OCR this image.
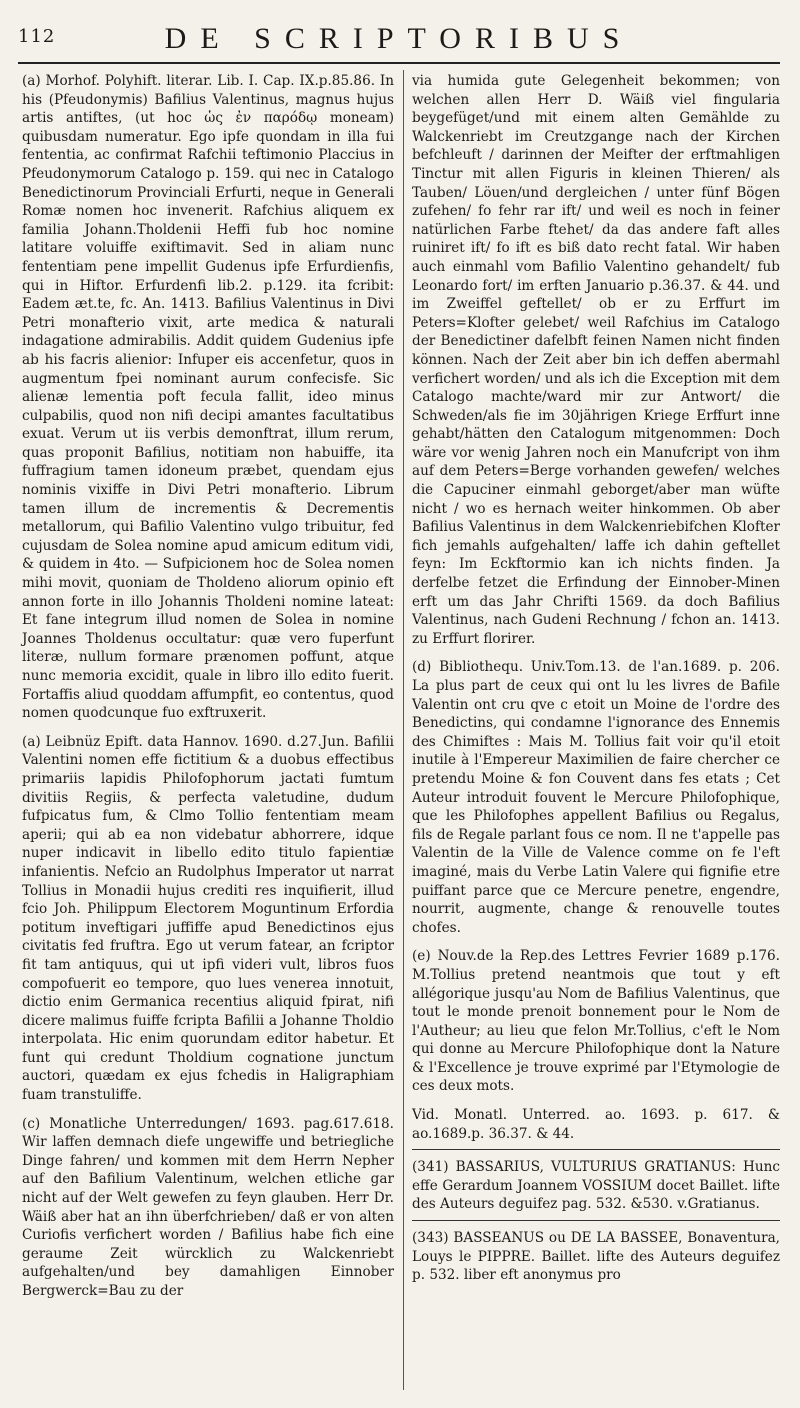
112	DE SCRIPTORIBUS

(a) Morhof. Polyhift. literar. Lib. I. Cap. IX.p.85.86. In his (Pfeudonymis) Bafilius Valentinus, magnus hujus artis antiftes, (ut hoc ὡς ἐν παρόδῳ moneam) quibusdam numeratur. Ego ipfe quondam in illa fui fententia, ac confirmat Rafchii teftimonio Placcius in Pfeudonymorum Catalogo p. 159. qui nec in Catalogo Benedictinorum Provinciali Erfurti, neque in Generali Romæ nomen hoc invenerit. Rafchius aliquem ex familia Johann.Tholdenii Heffi fub hoc nomine latitare voluiffe exiftimavit. Sed in aliam nunc fententiam pene impellit Gudenus ipfe Erfurdienfis, qui in Hiftor. Erfurdenfi lib.2. p.129. ita fcribit: Eadem æt.te, fc. An. 1413. Bafilius Valentinus in Divi Petri monafterio vixit, arte medica & naturali indagatione admirabilis. Addit quidem Gudenius ipfe ab his facris alienior: Infuper eis accenfetur, quos in augmentum fpei nominant aurum confecisfe. Sic alienæ lementia poft fecula fallit, ideo minus culpabilis, quod non nifi decipi amantes facultatibus exuat. Verum ut iis verbis demonftrat, illum rerum, quas proponit Bafilius, notitiam non habuiffe, ita fuffragium tamen idoneum præbet, quendam ejus nominis vixiffe in Divi Petri monafterio. Librum tamen illum de incrementis & Decrementis metallorum, qui Bafilio Valentino vulgo tribuitur, fed cujusdam de Solea nomine apud amicum editum vidi, & quidem in 4to. — Sufpicionem hoc de Solea nomen mihi movit, quoniam de Tholdeno aliorum opinio eft annon forte in illo Johannis Tholdeni nomine lateat: Et fane integrum illud nomen de Solea in nomine Joannes Tholdenus occultatur: quæ vero fuperfunt literæ, nullum formare prænomen poffunt, atque nunc memoria excidit, quale in libro illo edito fuerit. Fortaffis aliud quoddam affumpfit, eo contentus, quod nomen quodcunque fuo exftruxerit.

(a) Leibnüz Epift. data Hannov. 1690. d.27.Jun. Bafilii Valentini nomen effe fictitium & a duobus effectibus primariis lapidis Philofophorum jactati fumtum divitiis Regiis, & perfecta valetudine, dudum fufpicatus fum, & Clmo Tollio fententiam meam aperii; qui ab ea non videbatur abhorrere, idque nuper indicavit in libello edito titulo fapientiæ infanientis. Nefcio an Rudolphus Imperator ut narrat Tollius in Monadii hujus crediti res inquifierit, illud fcio Joh. Philippum Electorem Moguntinum Erfordia potitum inveftigari juffiffe apud Benedictinos ejus civitatis fed fruftra. Ego ut verum fatear, an fcriptor fit tam antiquus, qui ut ipfi videri vult, libros fuos compofuerit eo tempore, quo lues venerea innotuit, dictio enim Germanica recentius aliquid fpirat, nifi dicere malimus fuiffe fcripta Bafilii a Johanne Tholdio interpolata. Hic enim quorundam editor habetur. Et funt qui credunt Tholdium cognatione junctum auctori, quædam ex ejus fchedis in Haligraphiam fuam transtuliffe.

(c) Monatliche Unterredungen/ 1693. pag.617.618. Wir laffen demnach diefe ungewiffe und betriegliche Dinge fahren/ und kommen mit dem Herrn Nepher auf den Bafilium Valentinum, welchen etliche gar nicht auf der Welt gewefen zu feyn glauben. Herr Dr. Wäiß aber hat an ihn überfchrieben/ daß er von alten Curiofis verfichert worden / Bafilius habe fich eine geraume Zeit würcklich zu Walckenriebt aufgehalten/und bey damahligen Einnober Bergwerck=Bau zu der

via humida gute Gelegenheit bekommen; von welchen allen Herr D. Wäiß viel fingularia beygefüget/und mit einem alten Gemählde zu Walckenriebt im Creutzgange nach der Kirchen befchleuft / darinnen der Meifter der erftmahligen Tinctur mit allen Figuris in kleinen Thieren/ als Tauben/ Löuen/und dergleichen / unter fünf Bögen zufehen/ fo fehr rar ift/ und weil es noch in feiner natürlichen Farbe ftehet/ da das andere faft alles ruiniret ift/ fo ift es biß dato recht fatal. Wir haben auch einmahl vom Bafilio Valentino gehandelt/ fub Leonardo fort/ im erften Januario p.36.37. & 44. und im Zweiffel geftellet/ ob er zu Erffurt im Peters=Klofter gelebet/ weil Rafchius im Catalogo der Benedictiner dafelbft feinen Namen nicht finden können. Nach der Zeit aber bin ich deffen abermahl verfichert worden/ und als ich die Exception mit dem Catalogo machte/ward mir zur Antwort/ die Schweden/als fie im 30jährigen Kriege Erffurt inne gehabt/hätten den Catalogum mitgenommen: Doch wäre vor wenig Jahren noch ein Manufcript von ihm auf dem Peters=Berge vorhanden gewefen/ welches die Capuciner einmahl geborget/aber man wüfte nicht / wo es hernach weiter hinkommen. Ob aber Bafilius Valentinus in dem Walckenriebifchen Klofter fich jemahls aufgehalten/ laffe ich dahin geftellet feyn: Im Eckftormio kan ich nichts finden. Ja derfelbe fetzet die Erfindung der Einnober-Minen erft um das Jahr Chrifti 1569. da doch Bafilius Valentinus, nach Gudeni Rechnung / fchon an. 1413. zu Erffurt florirer.

(d) Bibliothequ. Univ.Tom.13. de l'an.1689. p. 206. La plus part de ceux qui ont lu les livres de Bafile Valentin ont cru qve c etoit un Moine de l'ordre des Benedictins, qui condamne l'ignorance des Ennemis des Chimiftes : Mais M. Tollius fait voir qu'il etoit inutile à l'Empereur Maximilien de faire chercher ce pretendu Moine & fon Couvent dans fes etats ; Cet Auteur introduit fouvent le Mercure Philofophique, que les Philofophes appellent Bafilius ou Regalus, fils de Regale parlant fous ce nom. Il ne t'appelle pas Valentin de la Ville de Valence comme on fe l'eft imaginé, mais du Verbe Latin Valere qui fignifie etre puiffant parce que ce Mercure penetre, engendre, nourrit, augmente, change & renouvelle toutes chofes.

(e) Nouv.de la Rep.des Lettres Fevrier 1689 p.176. M.Tollius pretend neantmois que tout y eft allégorique jusqu'au Nom de Bafilius Valentinus, que tout le monde prenoit bonnement pour le Nom de l'Autheur; au lieu que felon Mr.Tollius, c'eft le Nom qui donne au Mercure Philofophique dont la Nature & l'Excellence je trouve exprimé par l'Etymologie de ces deux mots.

Vid. Monatl. Unterred. ao. 1693. p. 617. & ao.1689.p. 36.37. & 44.

(341) BASSARIUS, VULTURIUS GRATIANUS: Hunc effe Gerardum Joannem VOSSIUM docet Baillet. lifte des Auteurs deguifez pag. 532. &530. v.Gratianus.

(343) BASSEANUS ou DE LA BASSEE, Bonaventura, Louys le PIPPRE. Baillet. lifte des Auteurs deguifez p. 532. liber eft anonymus pro
